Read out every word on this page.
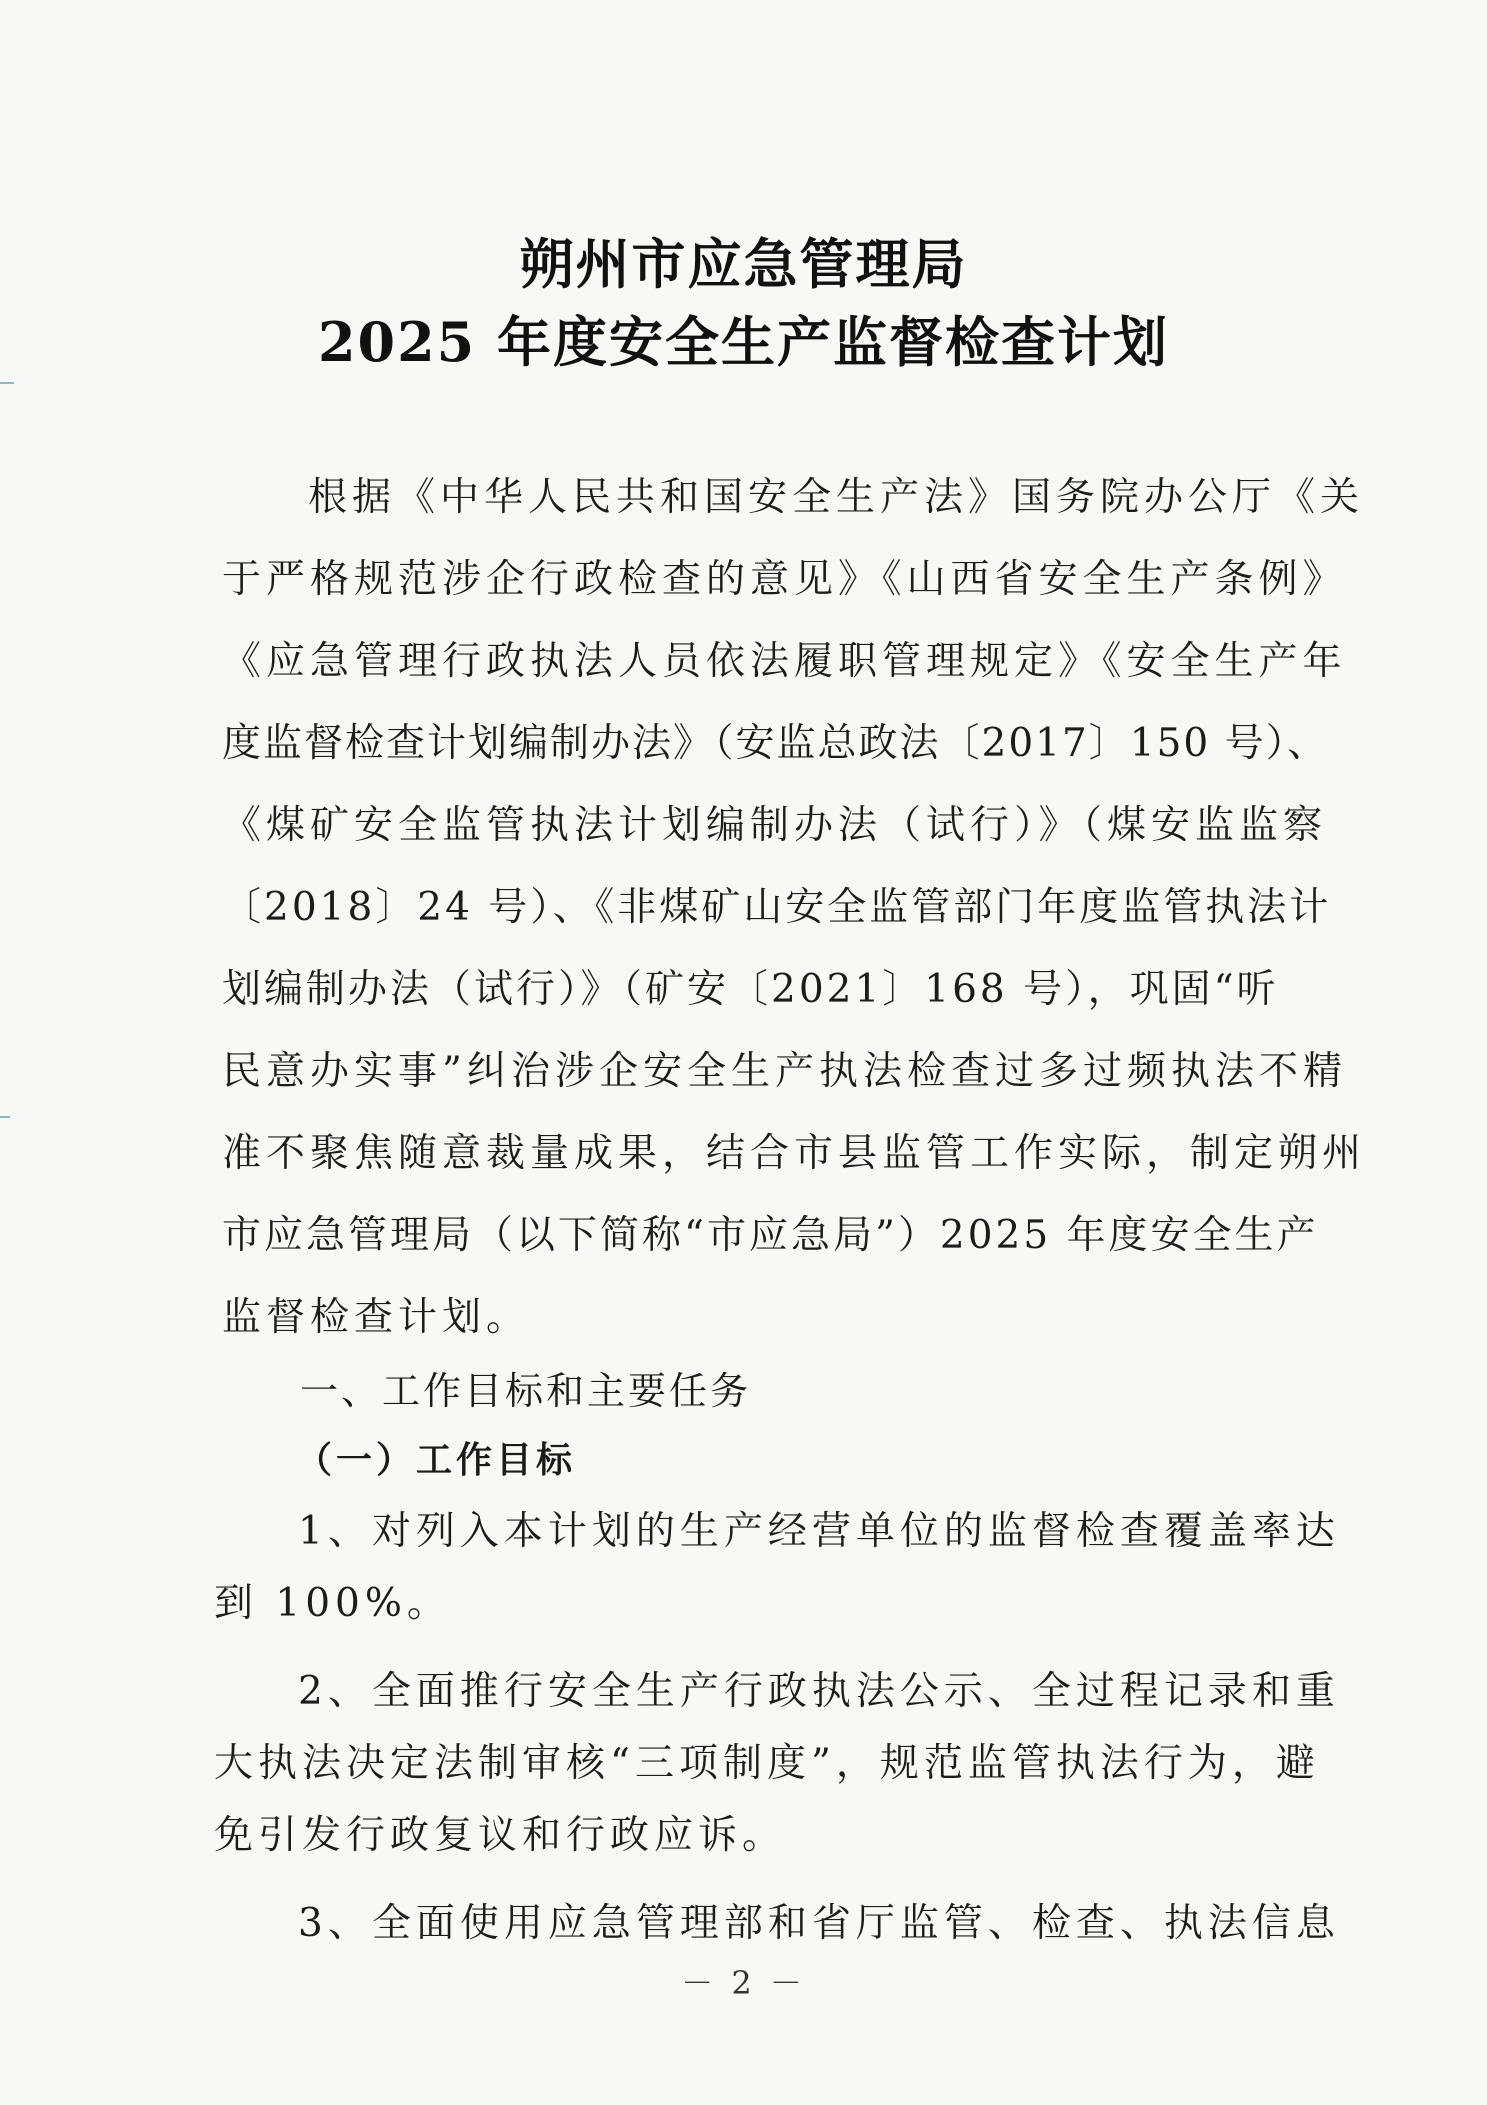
朔州市应急管理局
2025 年度安全生产监督检查计划
根据《中华人民共和国安全生产法》国务院办公厅《关
于严格规范涉企行政检查的意见》《山西省安全生产条例》
《应急管理行政执法人员依法履职管理规定》《安全生产年
度监督检查计划编制办法》（安监总政法〔2017〕150 号）、
《煤矿安全监管执法计划编制办法（试行）》（煤安监监察
〔2018〕24 号）、《非煤矿山安全监管部门年度监管执法计
划编制办法（试行）》（矿安〔2021〕168 号），巩固“听
民意办实事”纠治涉企安全生产执法检查过多过频执法不精
准不聚焦随意裁量成果，结合市县监管工作实际，制定朔州
市应急管理局（以下简称“市应急局”）2025 年度安全生产
监督检查计划。
一、工作目标和主要任务
（一）工作目标
1、对列入本计划的生产经营单位的监督检查覆盖率达
到 100%。
2、全面推行安全生产行政执法公示、全过程记录和重
大执法决定法制审核“三项制度”，规范监管执法行为，避
免引发行政复议和行政应诉。
3、全面使用应急管理部和省厅监管、检查、执法信息
－ 2 －
